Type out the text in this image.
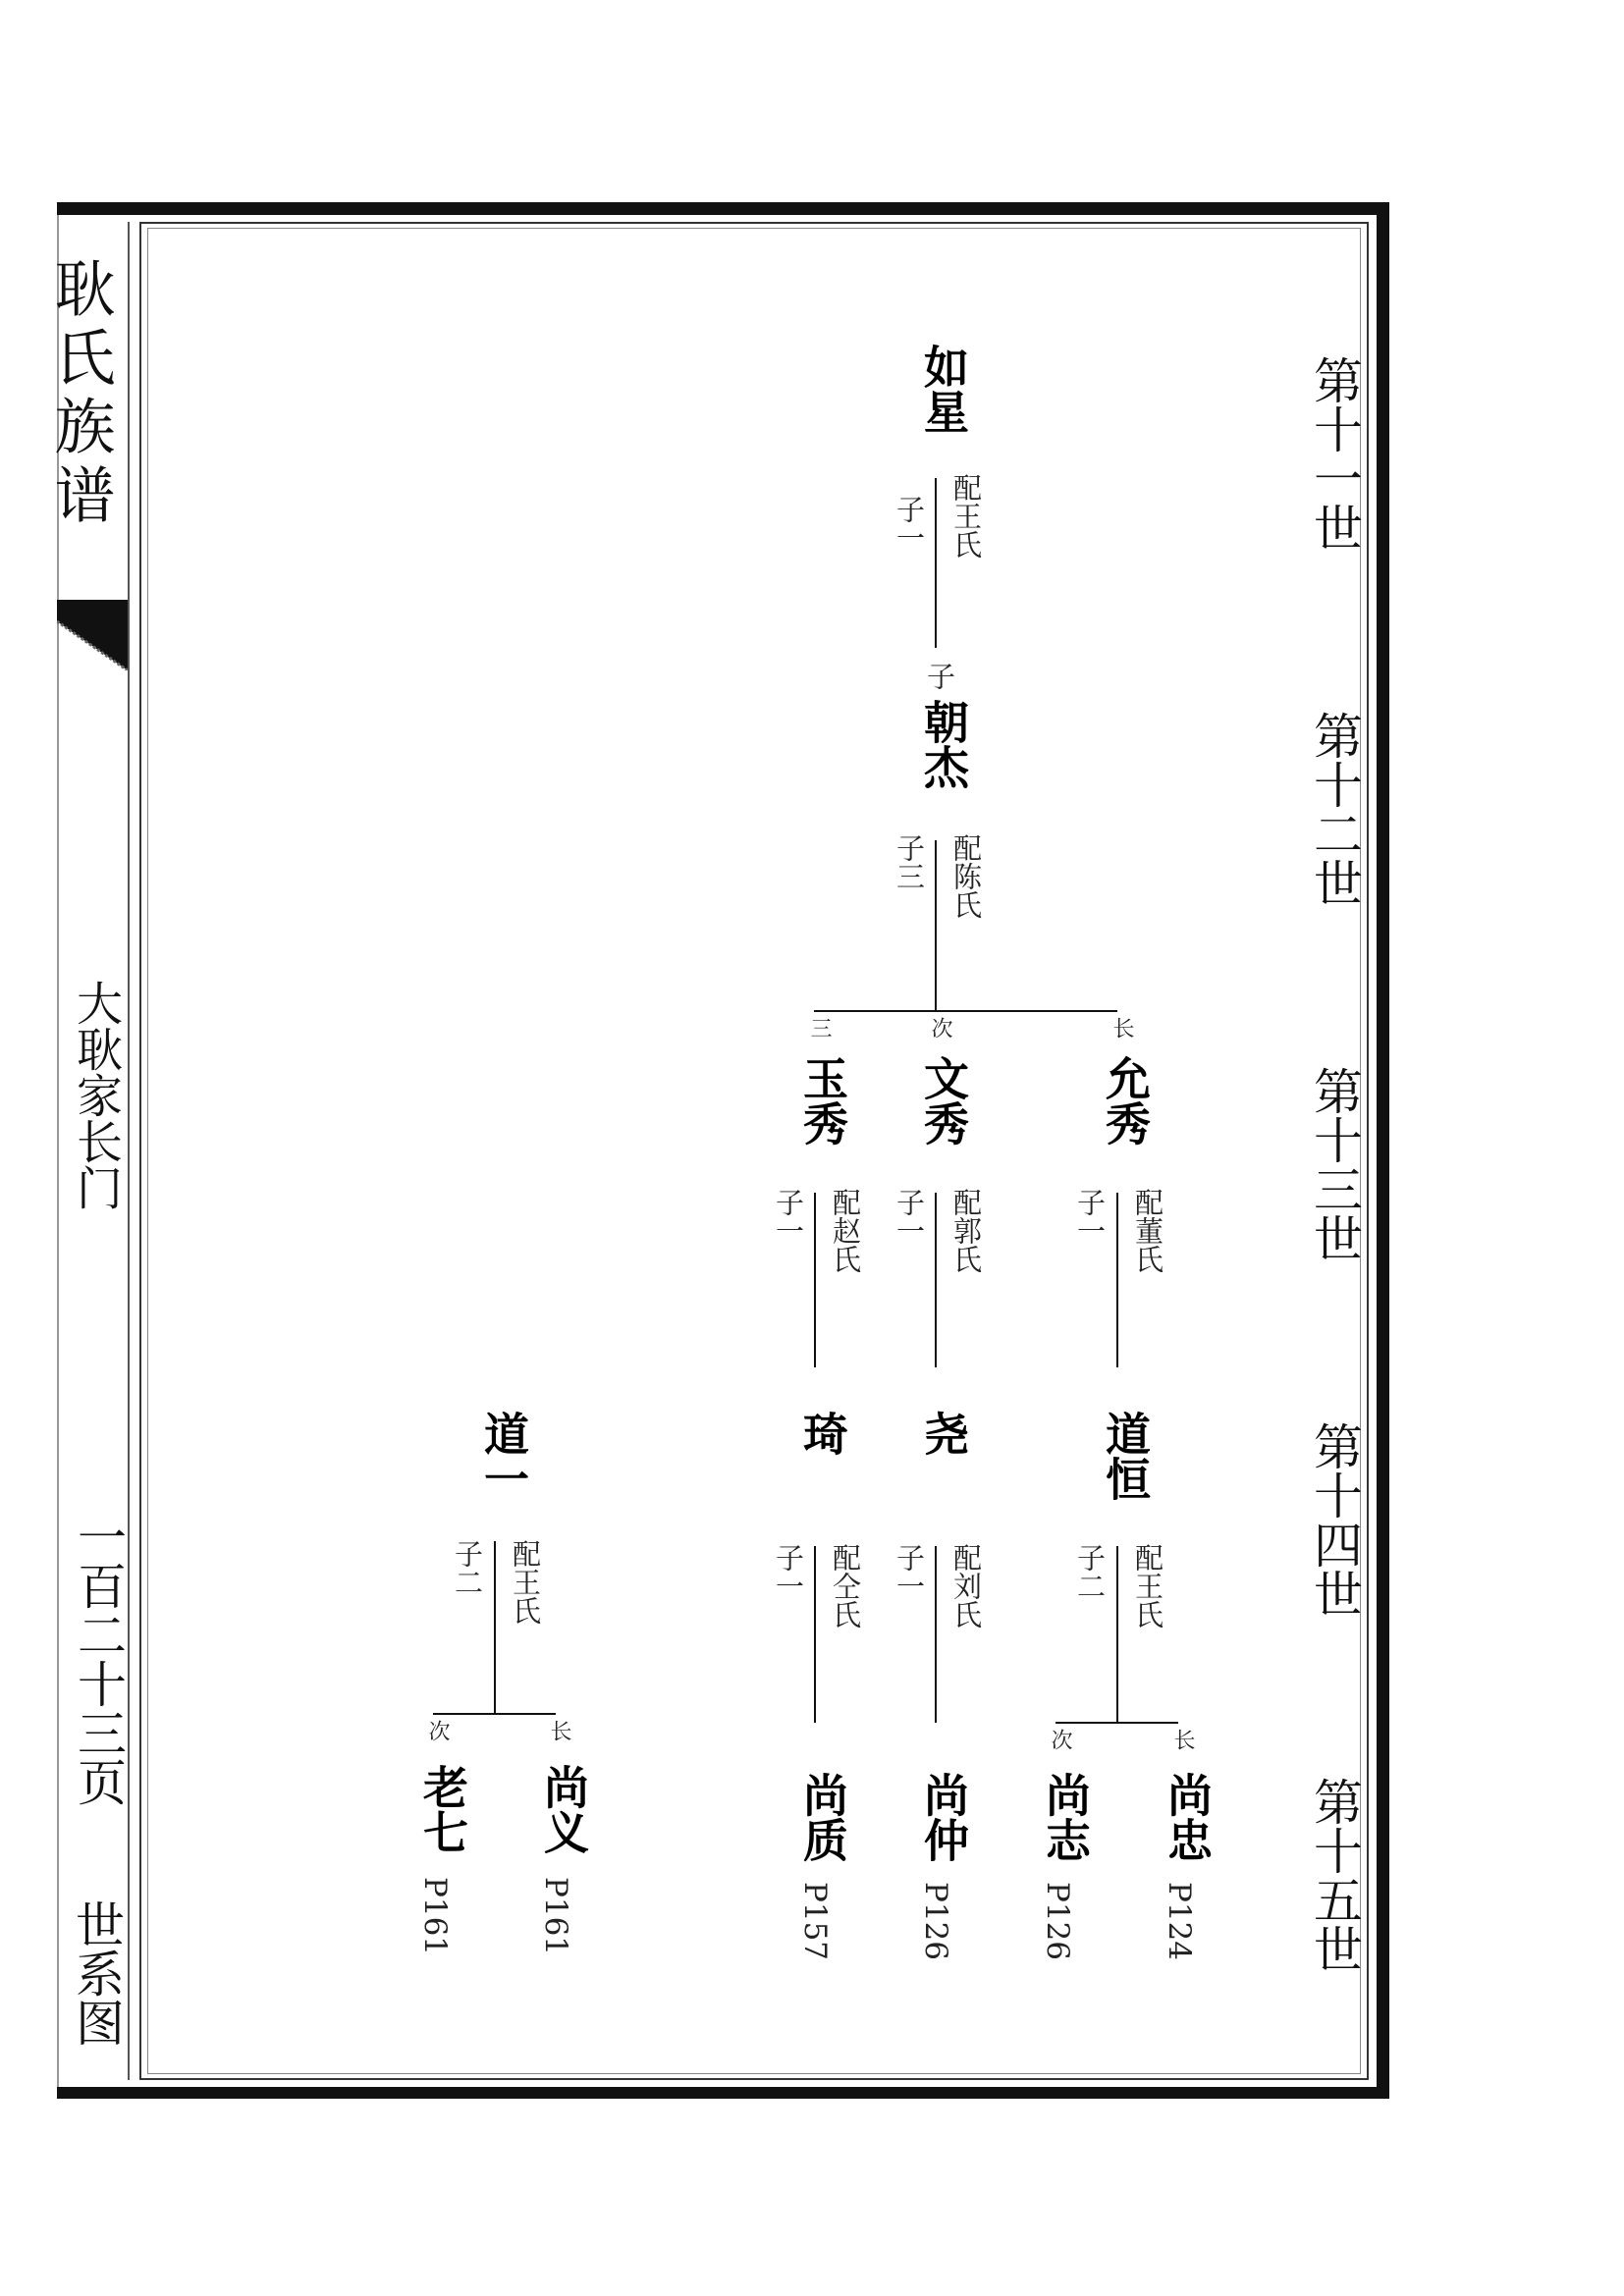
耿氏族谱
大耿家长门
一百二十三页
世系图
第十一世
第十二世
第十三世
第十四世
第十五世
如星
配王氏
子一
子
朝杰
配陈氏
子三
长
允秀
配董氏
子一
次
文秀
配郭氏
子一
三
玉秀
配赵氏
子一
道恒
配王氏
子二
尧
配刘氏
子一
琦
配仝氏
子一
道一
配王氏
子二
长
尚忠
P124
次
尚志
P126
尚仲
P126
尚质
P157
长
尚义
P161
次
老七
P161
